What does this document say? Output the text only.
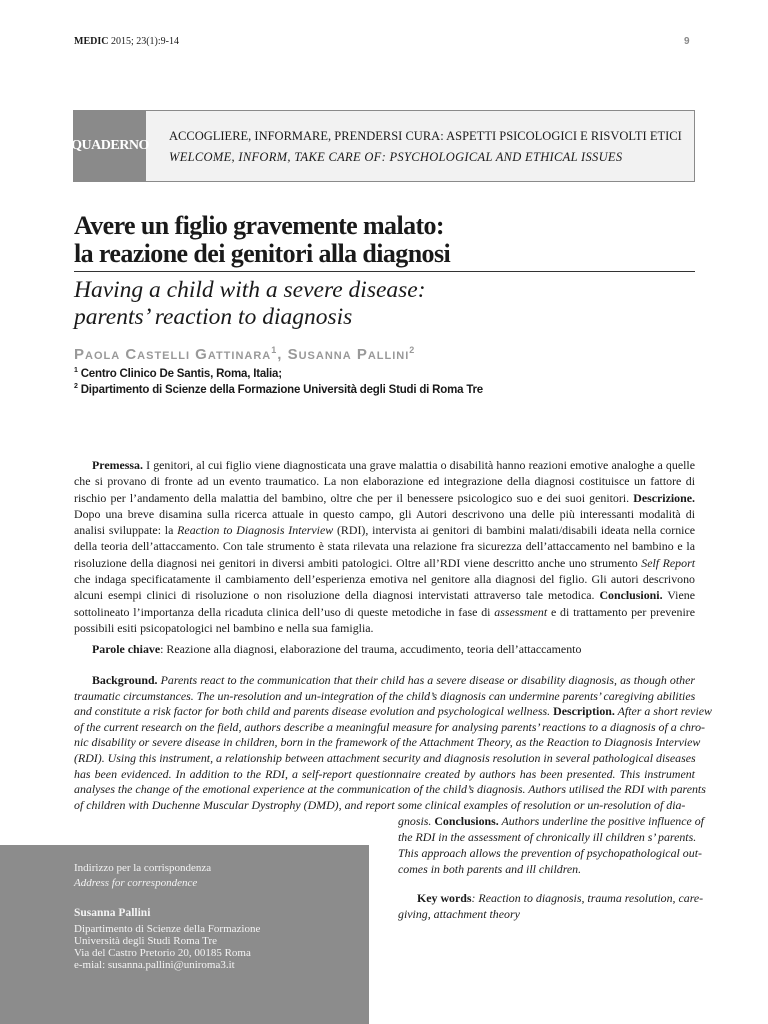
MEDIC 2015; 23(1):9-14	9
QUADERNO
ACCOGLIERE, INFORMARE, PRENDERSI CURA: ASPETTI PSICOLOGICI E RISVOLTI ETICI
WELCOME, INFORM, TAKE CARE OF: PSYCHOLOGICAL AND ETHICAL ISSUES
Avere un figlio gravemente malato:
la reazione dei genitori alla diagnosi
Having a child with a severe disease:
parents’ reaction to diagnosis
Paola Castelli Gattinara$^1$, Susanna Pallini$^2$
$^1$ Centro Clinico De Santis, Roma, Italia;
$^2$ Dipartimento di Scienze della Formazione Università degli Studi di Roma Tre
Premessa. I genitori, al cui figlio viene diagnosticata una grave malattia o disabilità hanno reazioni emotive analoghe a quelle
che si provano di fronte ad un evento traumatico. La non elaborazione ed integrazione della diagnosi costituisce un fattore di
rischio per l’andamento della malattia del bambino, oltre che per il benessere psicologico suo e dei suoi genitori. Descrizione.
Dopo una breve disamina sulla ricerca attuale in questo campo, gli Autori descrivono una delle più interessanti modalità di
analisi sviluppate: la Reaction to Diagnosis Interview (RDI), intervista ai genitori di bambini malati/disabili ideata nella cornice
della teoria dell’attaccamento. Con tale strumento è stata rilevata una relazione fra sicurezza dell’attaccamento nel bambino e la
risoluzione della diagnosi nei genitori in diversi ambiti patologici. Oltre all’RDI viene descritto anche uno strumento Self Report
che indaga specificatamente il cambiamento dell’esperienza emotiva nel genitore alla diagnosi del figlio. Gli autori descrivono
alcuni esempi clinici di risoluzione o non risoluzione della diagnosi intervistati attraverso tale metodica. Conclusioni. Viene
sottolineato l’importanza della ricaduta clinica dell’uso di queste metodiche in fase di assessment e di trattamento per prevenire
possibili esiti psicopatologici nel bambino e nella sua famiglia.
Parole chiave: Reazione alla diagnosi, elaborazione del trauma, accudimento, teoria dell’attaccamento
Background. Parents react to the communication that their child has a severe disease or disability diagnosis, as though other
traumatic circumstances. The un-resolution and un-integration of the child’s diagnosis can undermine parents’ caregiving abilities
and constitute a risk factor for both child and parents disease evolution and psychological wellness. Description. After a short review
of the current research on the field, authors describe a meaningful measure for analysing parents’ reactions to a diagnosis of a chro-
nic disability or severe disease in children, born in the framework of the Attachment Theory, as the Reaction to Diagnosis Interview
(RDI). Using this instrument, a relationship between attachment security and diagnosis resolution in several pathological diseases
has been evidenced. In addition to the RDI, a self-report questionnaire created by authors has been presented. This instrument
analyses the change of the emotional experience at the communication of the child’s diagnosis. Authors utilised the RDI with parents
of children with Duchenne Muscular Dystrophy (DMD), and report some clinical examples of resolution or un-resolution of dia-
gnosis. Conclusions. Authors underline the positive influence of
the RDI in the assessment of chronically ill children s’ parents.
This approach allows the prevention of psychopathological out-
comes in both parents and ill children.
Key words: Reaction to diagnosis, trauma resolution, care-
giving, attachment theory
Indirizzo per la corrispondenza
Address for correspondence
Susanna Pallini
Dipartimento di Scienze della Formazione
Università degli Studi Roma Tre
Via del Castro Pretorio 20, 00185 Roma
e-mial: susanna.pallini@uniroma3.it
